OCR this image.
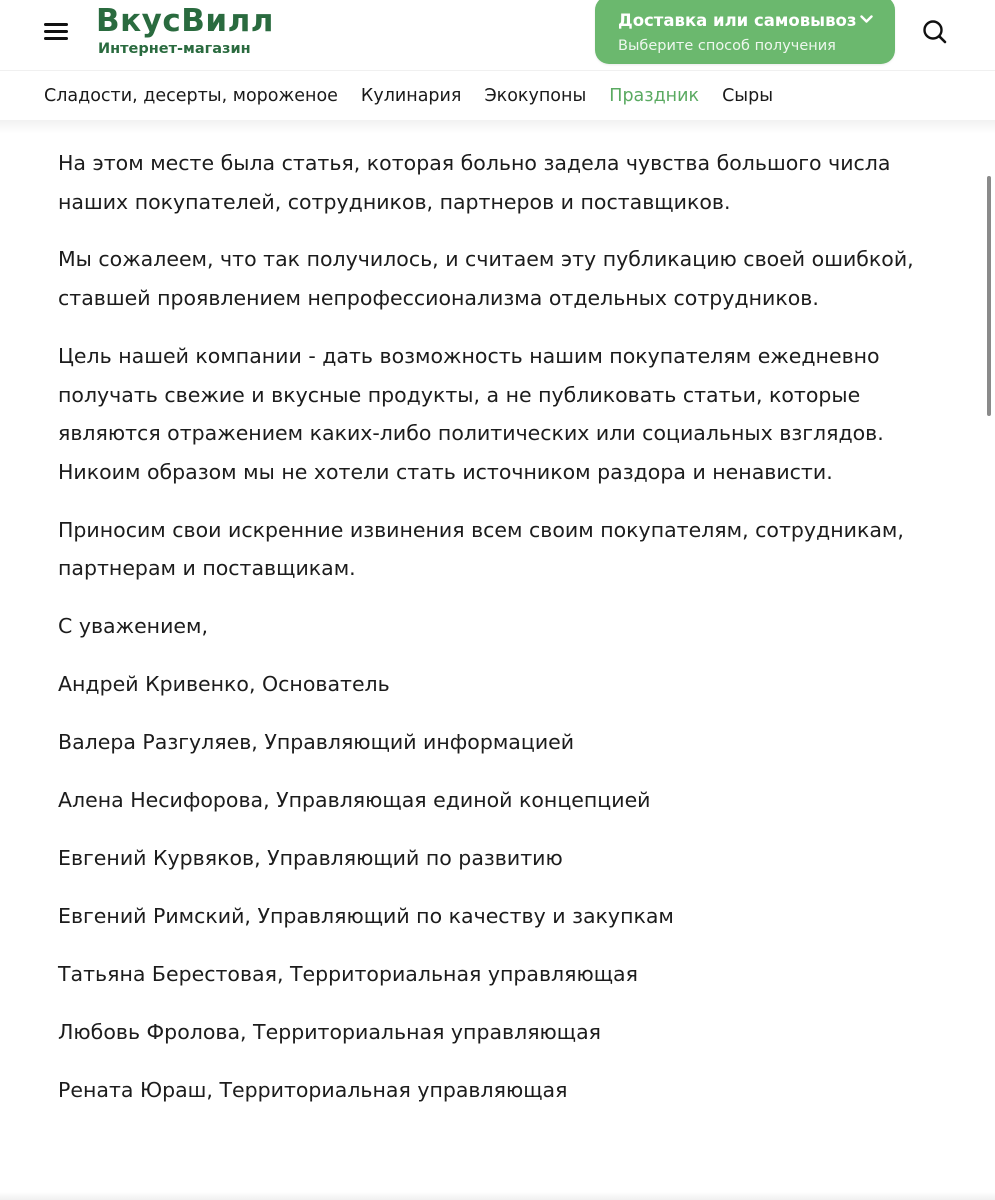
ВкусВилл
Интернет-магазин
Доставка или самовывоз
Выберите способ получения
Сладости, десерты, мороженое Кулинария Экокупоны Праздник Сыры

На этом месте была статья, которая больно задела чувства большого числа наших покупателей, сотрудников, партнеров и поставщиков.

Мы сожалеем, что так получилось, и считаем эту публикацию своей ошибкой, ставшей проявлением непрофессионализма отдельных сотрудников.

Цель нашей компании - дать возможность нашим покупателям ежедневно получать свежие и вкусные продукты, а не публиковать статьи, которые являются отражением каких-либо политических или социальных взглядов. Никоим образом мы не хотели стать источником раздора и ненависти.

Приносим свои искренние извинения всем своим покупателям, сотрудникам, партнерам и поставщикам.

С уважением,

Андрей Кривенко, Основатель

Валера Разгуляев, Управляющий информацией

Алена Несифорова, Управляющая единой концепцией

Евгений Курвяков, Управляющий по развитию

Евгений Римский, Управляющий по качеству и закупкам

Татьяна Берестовая, Территориальная управляющая

Любовь Фролова, Территориальная управляющая

Рената Юраш, Территориальная управляющая
